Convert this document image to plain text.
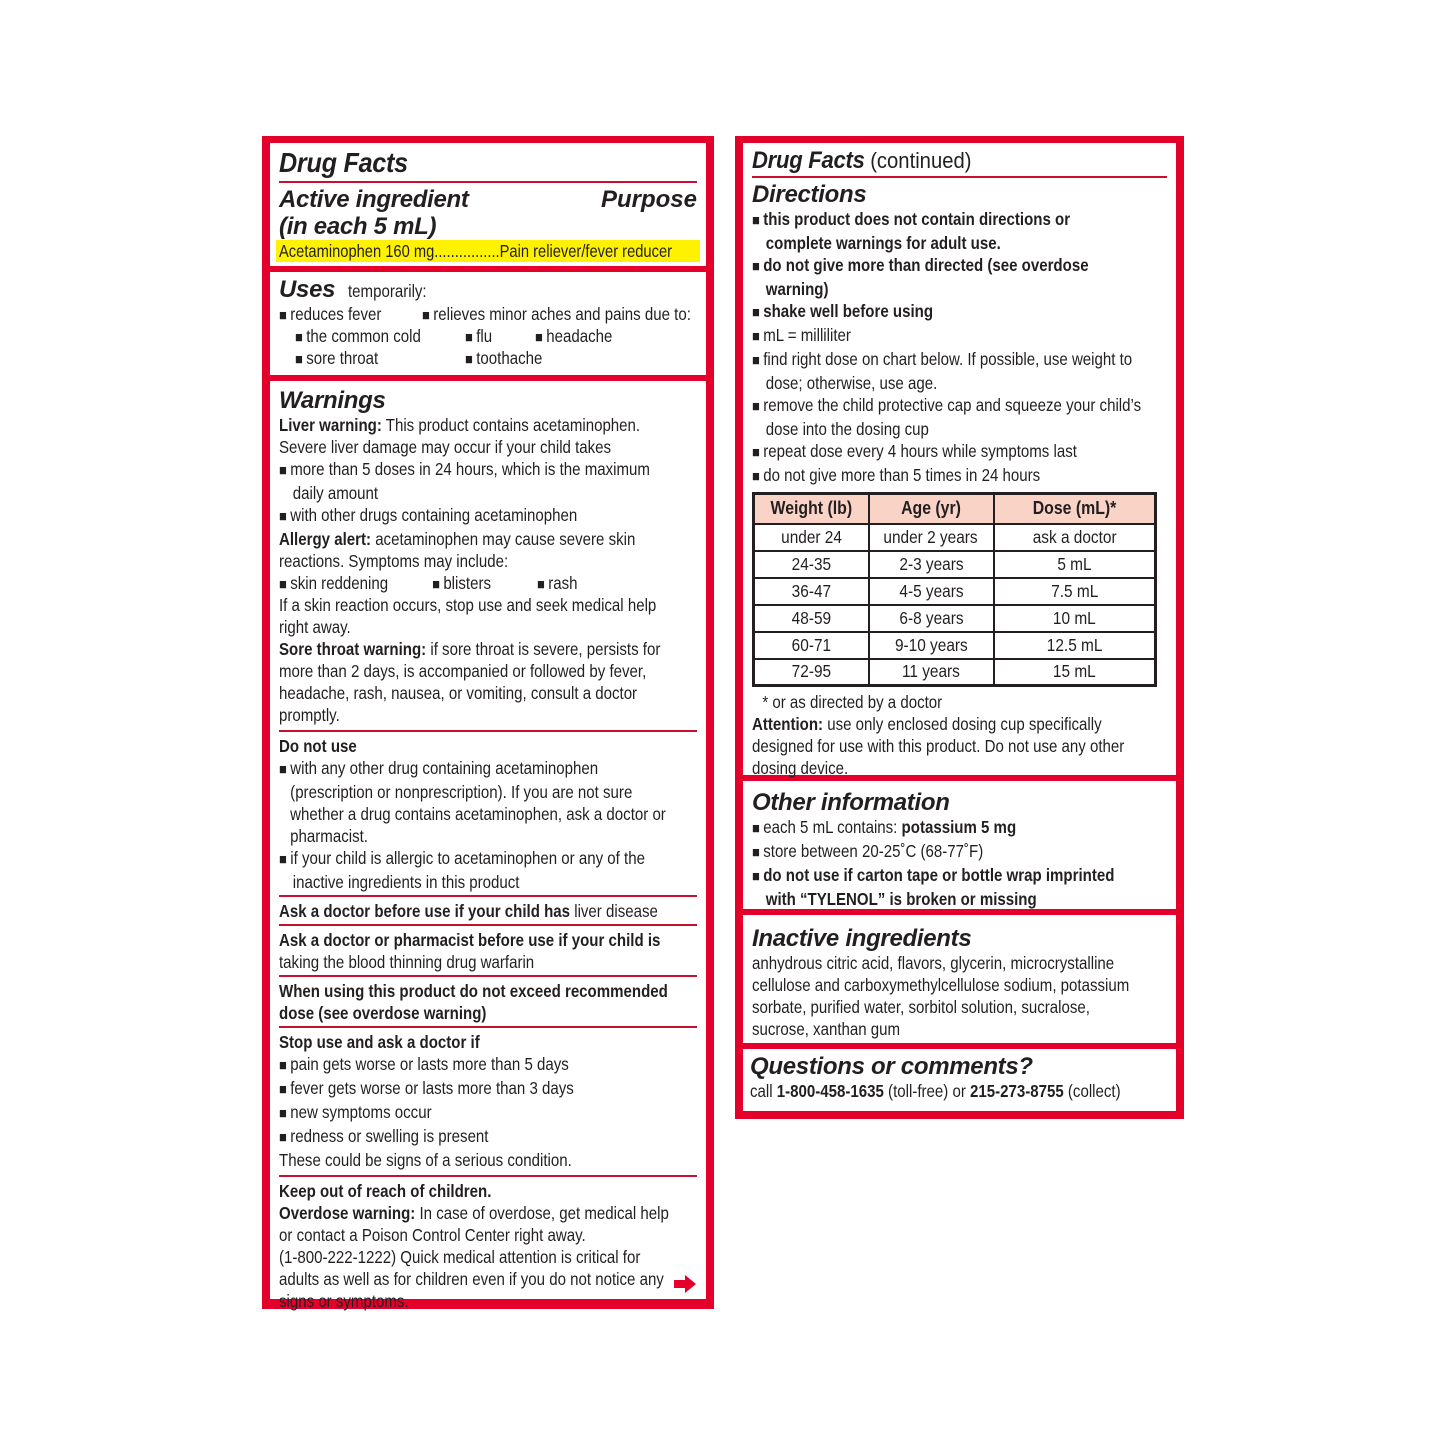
Drug Facts
Active ingredient
(in each 5 mL)
Purpose
Acetaminophen 160 mg................Pain reliever/fever reducer
Uses temporarily:
■ reduces fever	■ relieves minor aches and pains due to:
■ the common cold	■ flu	■ headache
■ sore throat	■ toothache
Warnings
Liver warning: This product contains acetaminophen.
Severe liver damage may occur if your child takes
■ more than 5 doses in 24 hours, which is the maximum
daily amount
■ with other drugs containing acetaminophen
Allergy alert: acetaminophen may cause severe skin
reactions. Symptoms may include:
■ skin reddening	■ blisters	■ rash
If a skin reaction occurs, stop use and seek medical help
right away.
Sore throat warning: if sore throat is severe, persists for
more than 2 days, is accompanied or followed by fever,
headache, rash, nausea, or vomiting, consult a doctor
promptly.
Do not use
■ with any other drug containing acetaminophen
(prescription or nonprescription). If you are not sure
whether a drug contains acetaminophen, ask a doctor or
pharmacist.
■ if your child is allergic to acetaminophen or any of the
inactive ingredients in this product
Ask a doctor before use if your child has liver disease
Ask a doctor or pharmacist before use if your child is
taking the blood thinning drug warfarin
When using this product do not exceed recommended
dose (see overdose warning)
Stop use and ask a doctor if
■ pain gets worse or lasts more than 5 days
■ fever gets worse or lasts more than 3 days
■ new symptoms occur
■ redness or swelling is present
These could be signs of a serious condition.
Keep out of reach of children.
Overdose warning: In case of overdose, get medical help
or contact a Poison Control Center right away.
(1-800-222-1222) Quick medical attention is critical for
adults as well as for children even if you do not notice any
signs or symptoms.
Drug Facts (continued)
Directions
■ this product does not contain directions or
complete warnings for adult use.
■ do not give more than directed (see overdose
warning)
■ shake well before using
■ mL = milliliter
■ find right dose on chart below. If possible, use weight to
dose; otherwise, use age.
■ remove the child protective cap and squeeze your child’s
dose into the dosing cup
■ repeat dose every 4 hours while symptoms last
■ do not give more than 5 times in 24 hours
Weight (lb)	Age (yr)	Dose (mL)*
under 24	under 2 years	ask a doctor
24-35	2-3 years	5 mL
36-47	4-5 years	7.5 mL
48-59	6-8 years	10 mL
60-71	9-10 years	12.5 mL
72-95	11 years	15 mL
* or as directed by a doctor
Attention: use only enclosed dosing cup specifically
designed for use with this product. Do not use any other
dosing device.
Other information
■ each 5 mL contains: potassium 5 mg
■ store between 20-25˚C (68-77˚F)
■ do not use if carton tape or bottle wrap imprinted
with “TYLENOL” is broken or missing
Inactive ingredients
anhydrous citric acid, flavors, glycerin, microcrystalline
cellulose and carboxymethylcellulose sodium, potassium
sorbate, purified water, sorbitol solution, sucralose,
sucrose, xanthan gum
Questions or comments?
call 1-800-458-1635 (toll-free) or 215-273-8755 (collect)
